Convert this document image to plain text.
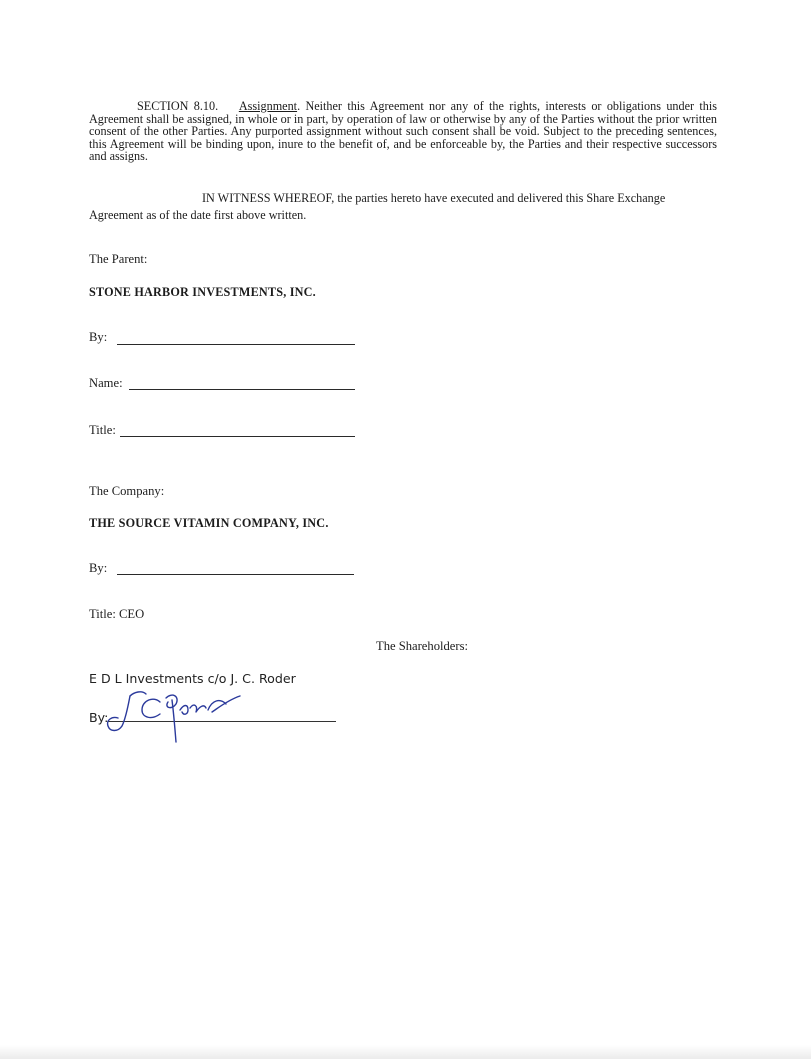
SECTION 8.10. Assignment. Neither this Agreement nor any of the rights, interests or obligations under this Agreement shall be assigned, in whole or in part, by operation of law or otherwise by any of the Parties without the prior written consent of the other Parties. Any purported assignment without such consent shall be void. Subject to the preceding sentences, this Agreement will be binding upon, inure to the benefit of, and be enforceable by, the Parties and their respective successors and assigns.
IN WITNESS WHEREOF, the parties hereto have executed and delivered this Share Exchange
Agreement as of the date first above written.
The Parent:
STONE HARBOR INVESTMENTS, INC.
By:
Name:
Title:
The Company:
THE SOURCE VITAMIN COMPANY, INC.
By:
Title: CEO
The Shareholders:
E D L Investments c/o J. C. Roder
By:
